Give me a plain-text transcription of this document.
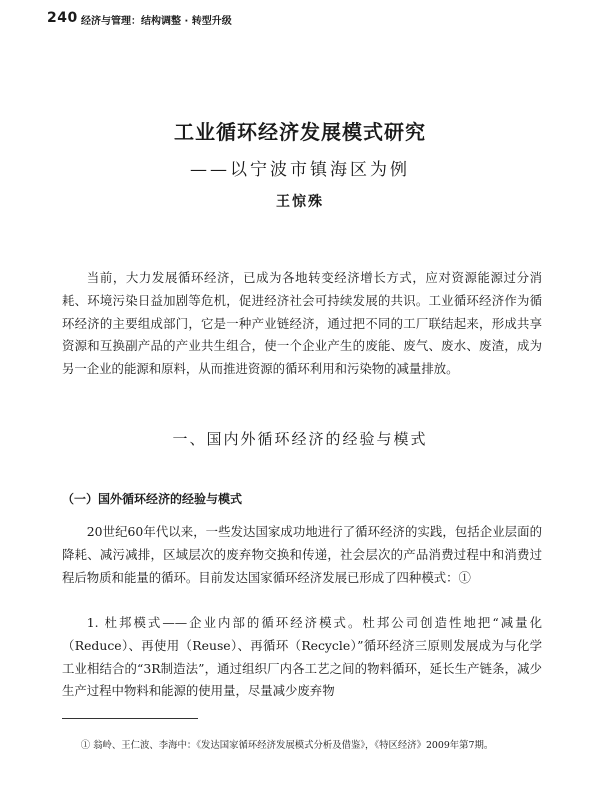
240 经济与管理：结构调整 · 转型升级
工业循环经济发展模式研究
——以宁波市镇海区为例
王惊殊

当前，大力发展循环经济，已成为各地转变经济增长方式，应对资源能源过分消耗、环境污染日益加剧等危机，促进经济社会可持续发展的共识。工业循环经济作为循环经济的主要组成部门，它是一种产业链经济，通过把不同的工厂联结起来，形成共享资源和互换副产品的产业共生组合，使一个企业产生的废能、废气、废水、废渣，成为另一企业的能源和原料，从而推进资源的循环利用和污染物的减量排放。

一、国内外循环经济的经验与模式
（一）国外循环经济的经验与模式

20世纪60年代以来，一些发达国家成功地进行了循环经济的实践，包括企业层面的降耗、减污减排，区域层次的废弃物交换和传递，社会层次的产品消费过程中和消费过程后物质和能量的循环。目前发达国家循环经济发展已形成了四种模式：①

1. 杜邦模式——企业内部的循环经济模式。杜邦公司创造性地把“减量化（Reduce）、再使用（Reuse）、再循环（Recycle）”循环经济三原则发展成为与化学工业相结合的“3R制造法”，通过组织厂内各工艺之间的物料循环，延长生产链条，减少生产过程中物料和能源的使用量，尽量减少废弃物

① 翁岭、王仁波、李海中：《发达国家循环经济发展模式分析及借鉴》，《特区经济》2009年第7期。
